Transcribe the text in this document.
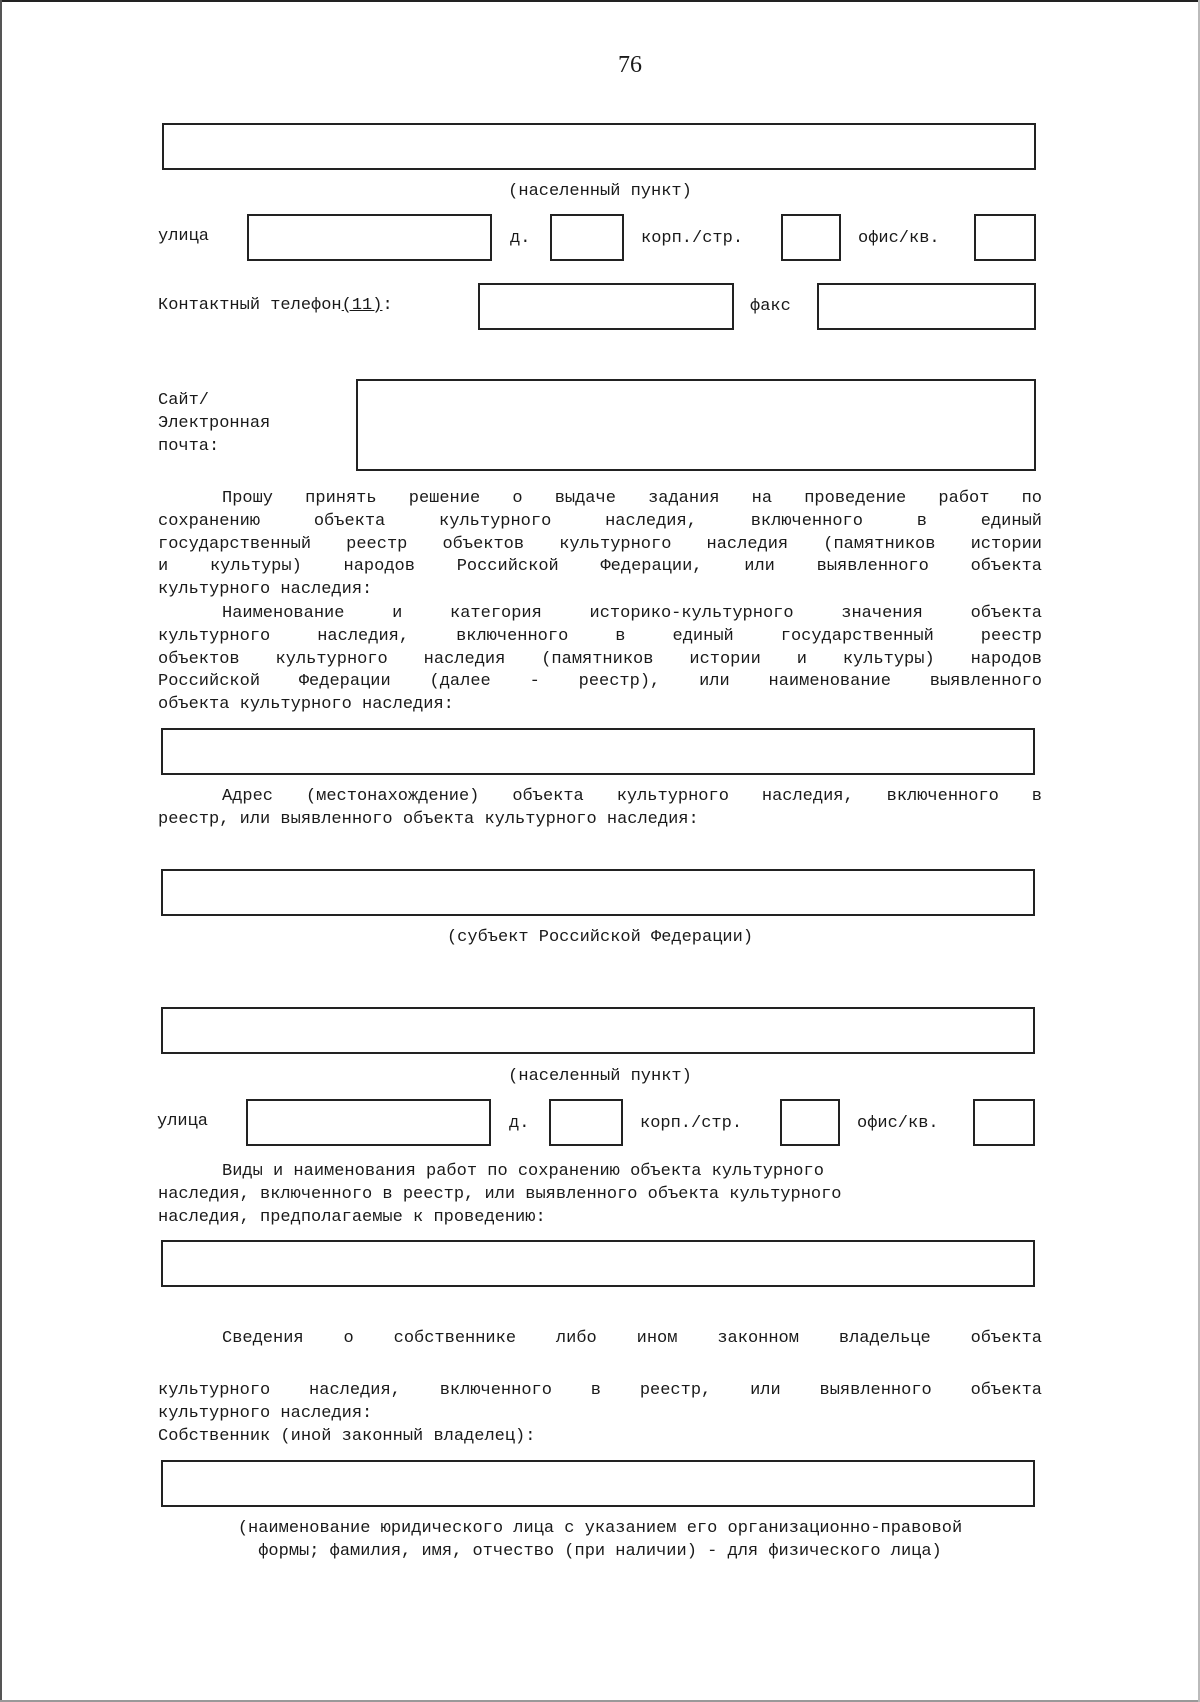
76
(населенный пункт)
улица	д.	корп./стр.	офис/кв.
Контактный телефон(11):	факс
Сайт/
Электронная
почта:
Прошу принять решение о выдаче задания на проведение работ по
сохранению объекта культурного наследия, включенного в единый
государственный реестр объектов культурного наследия (памятников истории
и культуры) народов Российской Федерации, или выявленного объекта
культурного наследия:
Наименование и категория историко-культурного значения объекта
культурного наследия, включенного в единый государственный реестр
объектов культурного наследия (памятников истории и культуры) народов
Российской Федерации (далее - реестр), или наименование выявленного
объекта культурного наследия:
Адрес (местонахождение) объекта культурного наследия, включенного в
реестр, или выявленного объекта культурного наследия:
(субъект Российской Федерации)
(населенный пункт)
улица	д.	корп./стр.	офис/кв.
Виды и наименования работ по сохранению объекта культурного
наследия, включенного в реестр, или выявленного объекта культурного
наследия, предполагаемые к проведению:
Сведения о собственнике либо ином законном владельце объекта
культурного наследия, включенного в реестр, или выявленного объекта
культурного наследия:
Собственник (иной законный владелец):
(наименование юридического лица с указанием его организационно-правовой
формы; фамилия, имя, отчество (при наличии) - для физического лица)
